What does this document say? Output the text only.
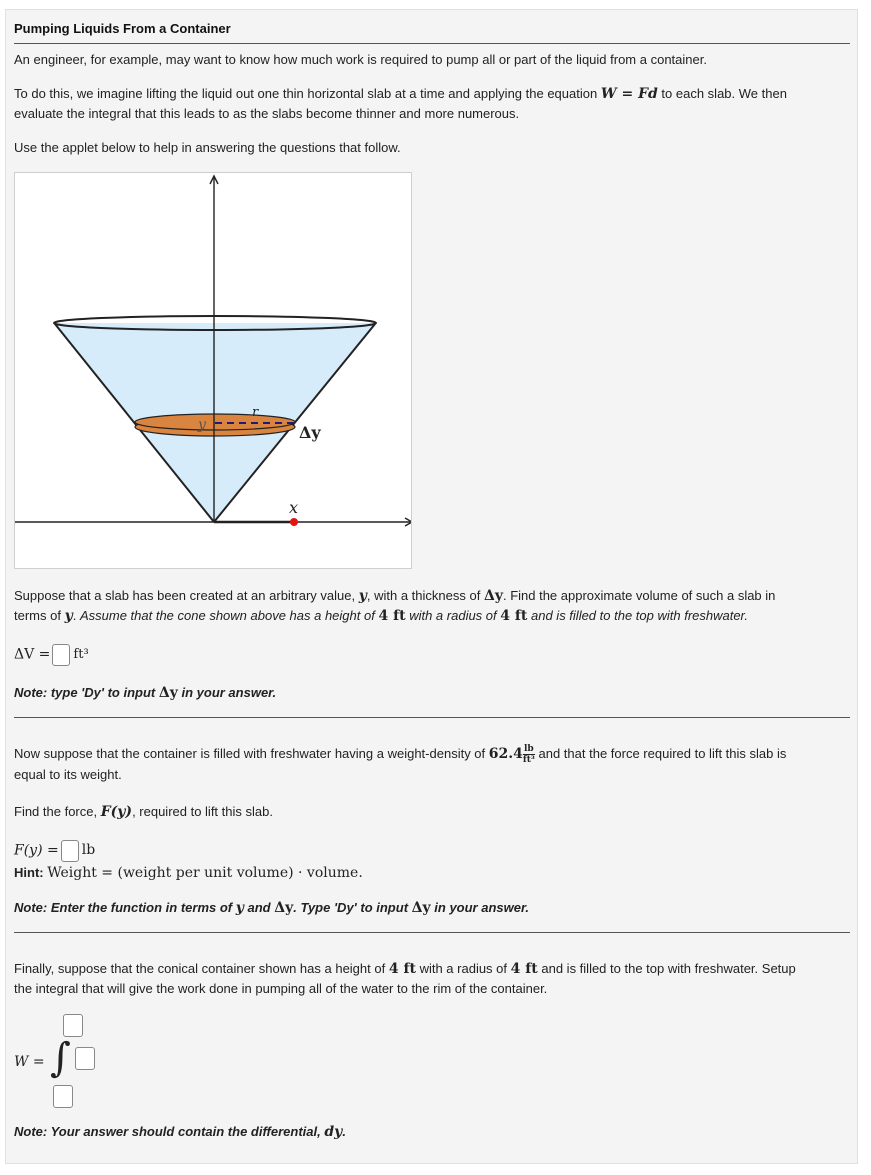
Pumping Liquids From a Container
An engineer, for example, may want to know how much work is required to pump all or part of the liquid from a container.
To do this, we imagine lifting the liquid out one thin horizontal slab at a time and applying the equation W = Fd to each slab. We then
evaluate the integral that this leads to as the slabs become thinner and more numerous.
Use the applet below to help in answering the questions that follow.
y
r
Δy
x
Suppose that a slab has been created at an arbitrary value, y, with a thickness of Δy. Find the approximate volume of such a slab in
terms of y. Assume that the cone shown above has a height of 4 ft with a radius of 4 ft and is filled to the top with freshwater.
ΔV = ft³
Note: type 'Dy' to input Δy in your answer.
Now suppose that the container is filled with freshwater having a weight-density of $62.4 \frac{lb}{\text{ft³}}$ and that the force required to lift this slab is
equal to its weight.
Find the force, F(y), required to lift this slab.
F(y) = lb
Hint: Weight = (weight per unit volume) · volume.
Note: Enter the function in terms of y and Δy. Type 'Dy' to input Δy in your answer.
Finally, suppose that the conical container shown has a height of 4 ft with a radius of 4 ft and is filled to the top with freshwater. Setup
the integral that will give the work done in pumping all of the water to the rim of the container.
W = ∫
Note: Your answer should contain the differential, dy.
